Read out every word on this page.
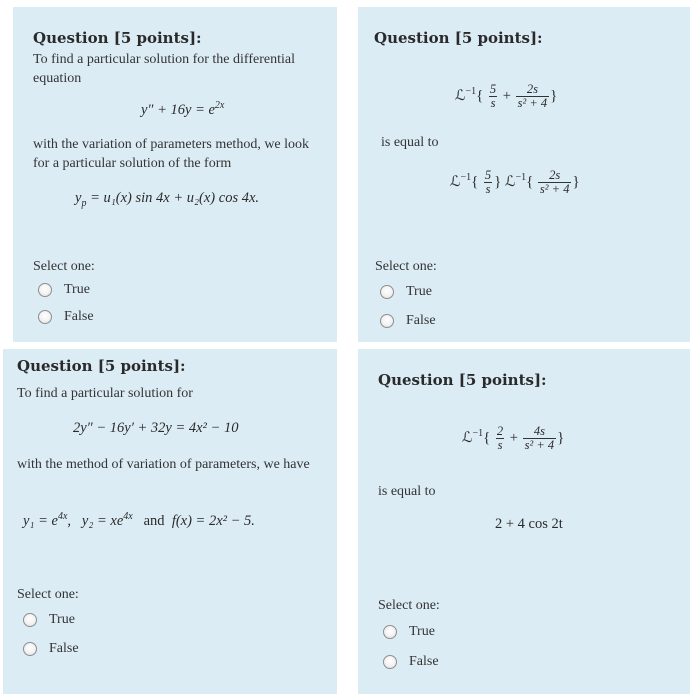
Question [5 points]:
To find a particular solution for the differential equation
$y'' + 16y = e^{2x}$
with the variation of parameters method, we look for a particular solution of the form
$y_p = u_1(x)$ sin 4x + u₂(x) cos 4x.
Select one:
True
False
Question [5 points]:
ℒ$^{-1}${ $\frac{5}{s} + \frac{2s}{\text{s² + 4}}$ }
is equal to
ℒ$^{-1}${ $\frac{5}{s}$ } ℒ$^{-1}${ $\frac{2s}{\text{s² + 4}}$ }
Select one:
True
False
Question [5 points]:
To find a particular solution for
2y″ − 16y′ + 32y = 4x² − 10
with the method of variation of parameters, we have
$y_1 = e^{4x}$,   $y_2 = xe^{4x}$ and f(x) = 2x² − 5.
Select one:
True
False
Question [5 points]:
ℒ$^{-1}${ $\frac{2}{s} + \frac{4s}{\text{s² + 4}}$ }
is equal to
2 + 4 cos 2t
Select one:
True
False
